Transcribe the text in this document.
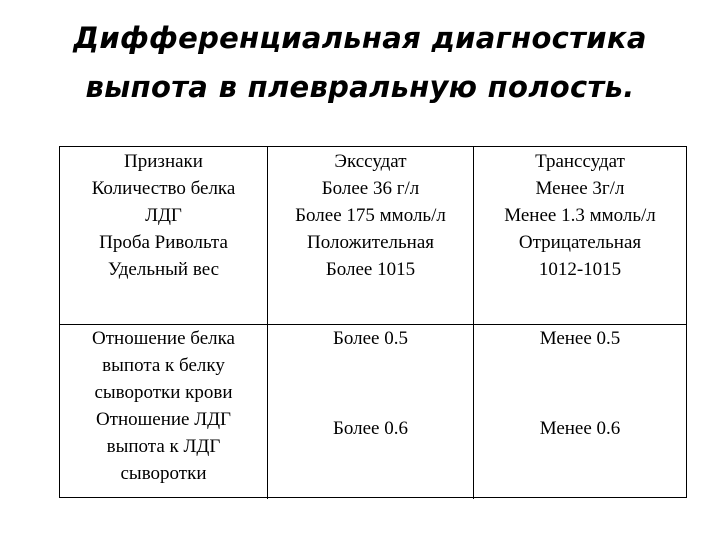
Дифференциальная диагностика
выпота в плевральную полость.
Признаки
Количество белка
ЛДГ
Проба Ривольта
Удельный вес
Экссудат
Более 36 г/л
Более 175 ммоль/л
Положительная
Более 1015
Транссудат
Менее 3г/л
Менее 1.3 ммоль/л
Отрицательная
1012-1015
Отношение белка
выпота к белку
сыворотки крови
Отношение ЛДГ
выпота к ЛДГ
сыворотки
Более 0.5
Более 0.6
Менее 0.5
Менее 0.6
